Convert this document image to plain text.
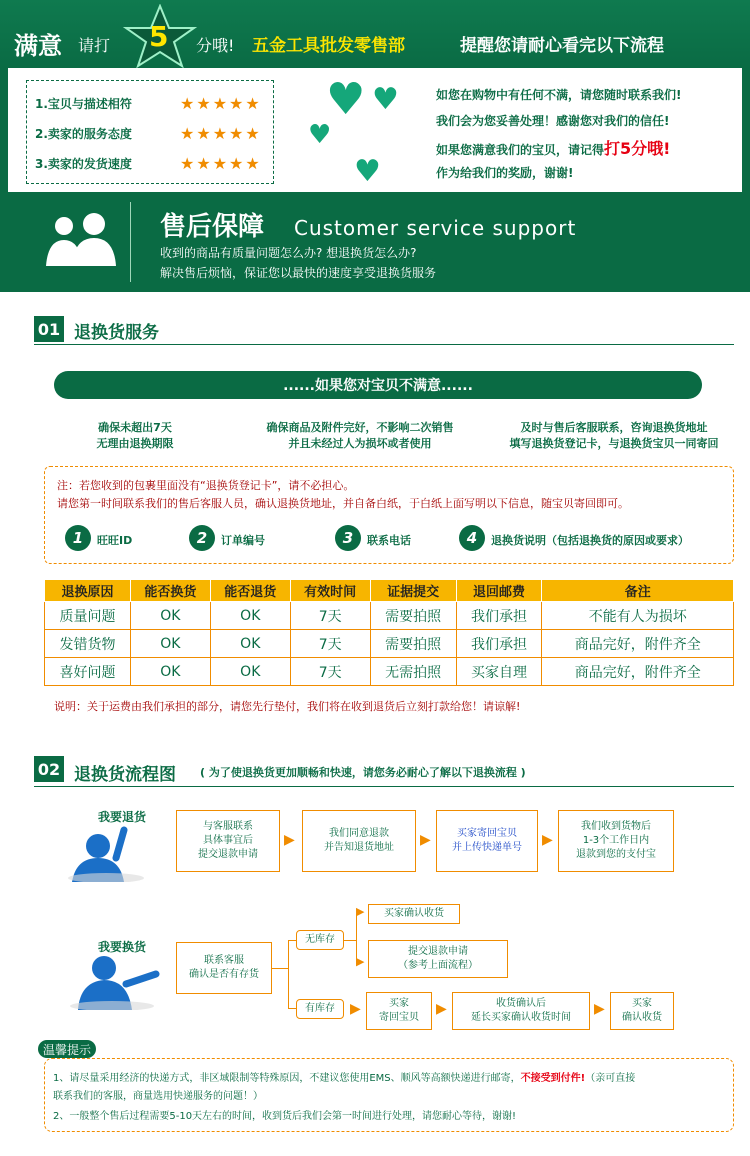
满意 请打 5 分哦! 五金工具批发零售部	提醒您请耐心看完以下流程
1.宝贝与描述相符	★★★★★
2.卖家的服务态度	★★★★★
3.卖家的发货速度	★★★★★
♥ ♥
♥
♥
如您在购物中有任何不满，请您随时联系我们!
我们会为您妥善处理！感谢您对我们的信任!
如果您满意我们的宝贝，请记得打5分哦!
作为给我们的奖励，谢谢!
售后保障 Customer service support
收到的商品有质量问题怎么办? 想退换货怎么办?
解决售后烦恼，保证您以最快的速度享受退换货服务
01 退换货服务
......如果您对宝贝不满意......
确保未超出7天
无理由退换期限
确保商品及附件完好，不影响二次销售
并且未经过人为损坏或者使用
及时与售后客服联系，咨询退换货地址
填写退换货登记卡，与退换货宝贝一同寄回
注：若您收到的包裹里面没有“退换货登记卡”，请不必担心。
请您第一时间联系我们的售后客服人员，确认退换货地址，并自备白纸，于白纸上面写明以下信息，随宝贝寄回即可。
1	旺旺ID	2	订单编号	3	联系电话	4	退换货说明（包括退换货的原因或要求）
退换原因	能否换货	能否退货	有效时间	证据提交	退回邮费	备注
质量问题	OK	OK	7天	需要拍照	我们承担	不能有人为损坏
发错货物	OK	OK	7天	需要拍照	我们承担	商品完好，附件齐全
喜好问题	OK	OK	7天	无需拍照	买家自理	商品完好，附件齐全
说明：关于运费由我们承担的部分，请您先行垫付，我们将在收到退货后立刻打款给您！请谅解!
02 退换货流程图 ( 为了使退换货更加顺畅和快速，请您务必耐心了解以下退换流程 )
我要退货
与客服联系
具体事宜后
提交退款申请
▶	我们同意退款
并告知退货地址	▶	买家寄回宝贝
并上传快递单号	▶
我们收到货物后
1-3个工作日内
退款到您的支付宝
我要换货
联系客服
确认是否有存货
无库存
有库存
▶
▶
买家确认收货
提交退款申请
（参考上面流程）
▶	买家
寄回宝贝
▶	收货确认后
延长买家确认收货时间
▶	买家
确认收货
温馨提示
1、请尽量采用经济的快递方式，非区域限制等特殊原因，不建议您使用EMS、顺风等高额快递进行邮寄，不接受到付件!（亲可直接
联系我们的客服，商量选用快递服务的问题！）
2、一般整个售后过程需要5-10天左右的时间，收到货后我们会第一时间进行处理，请您耐心等待，谢谢!
